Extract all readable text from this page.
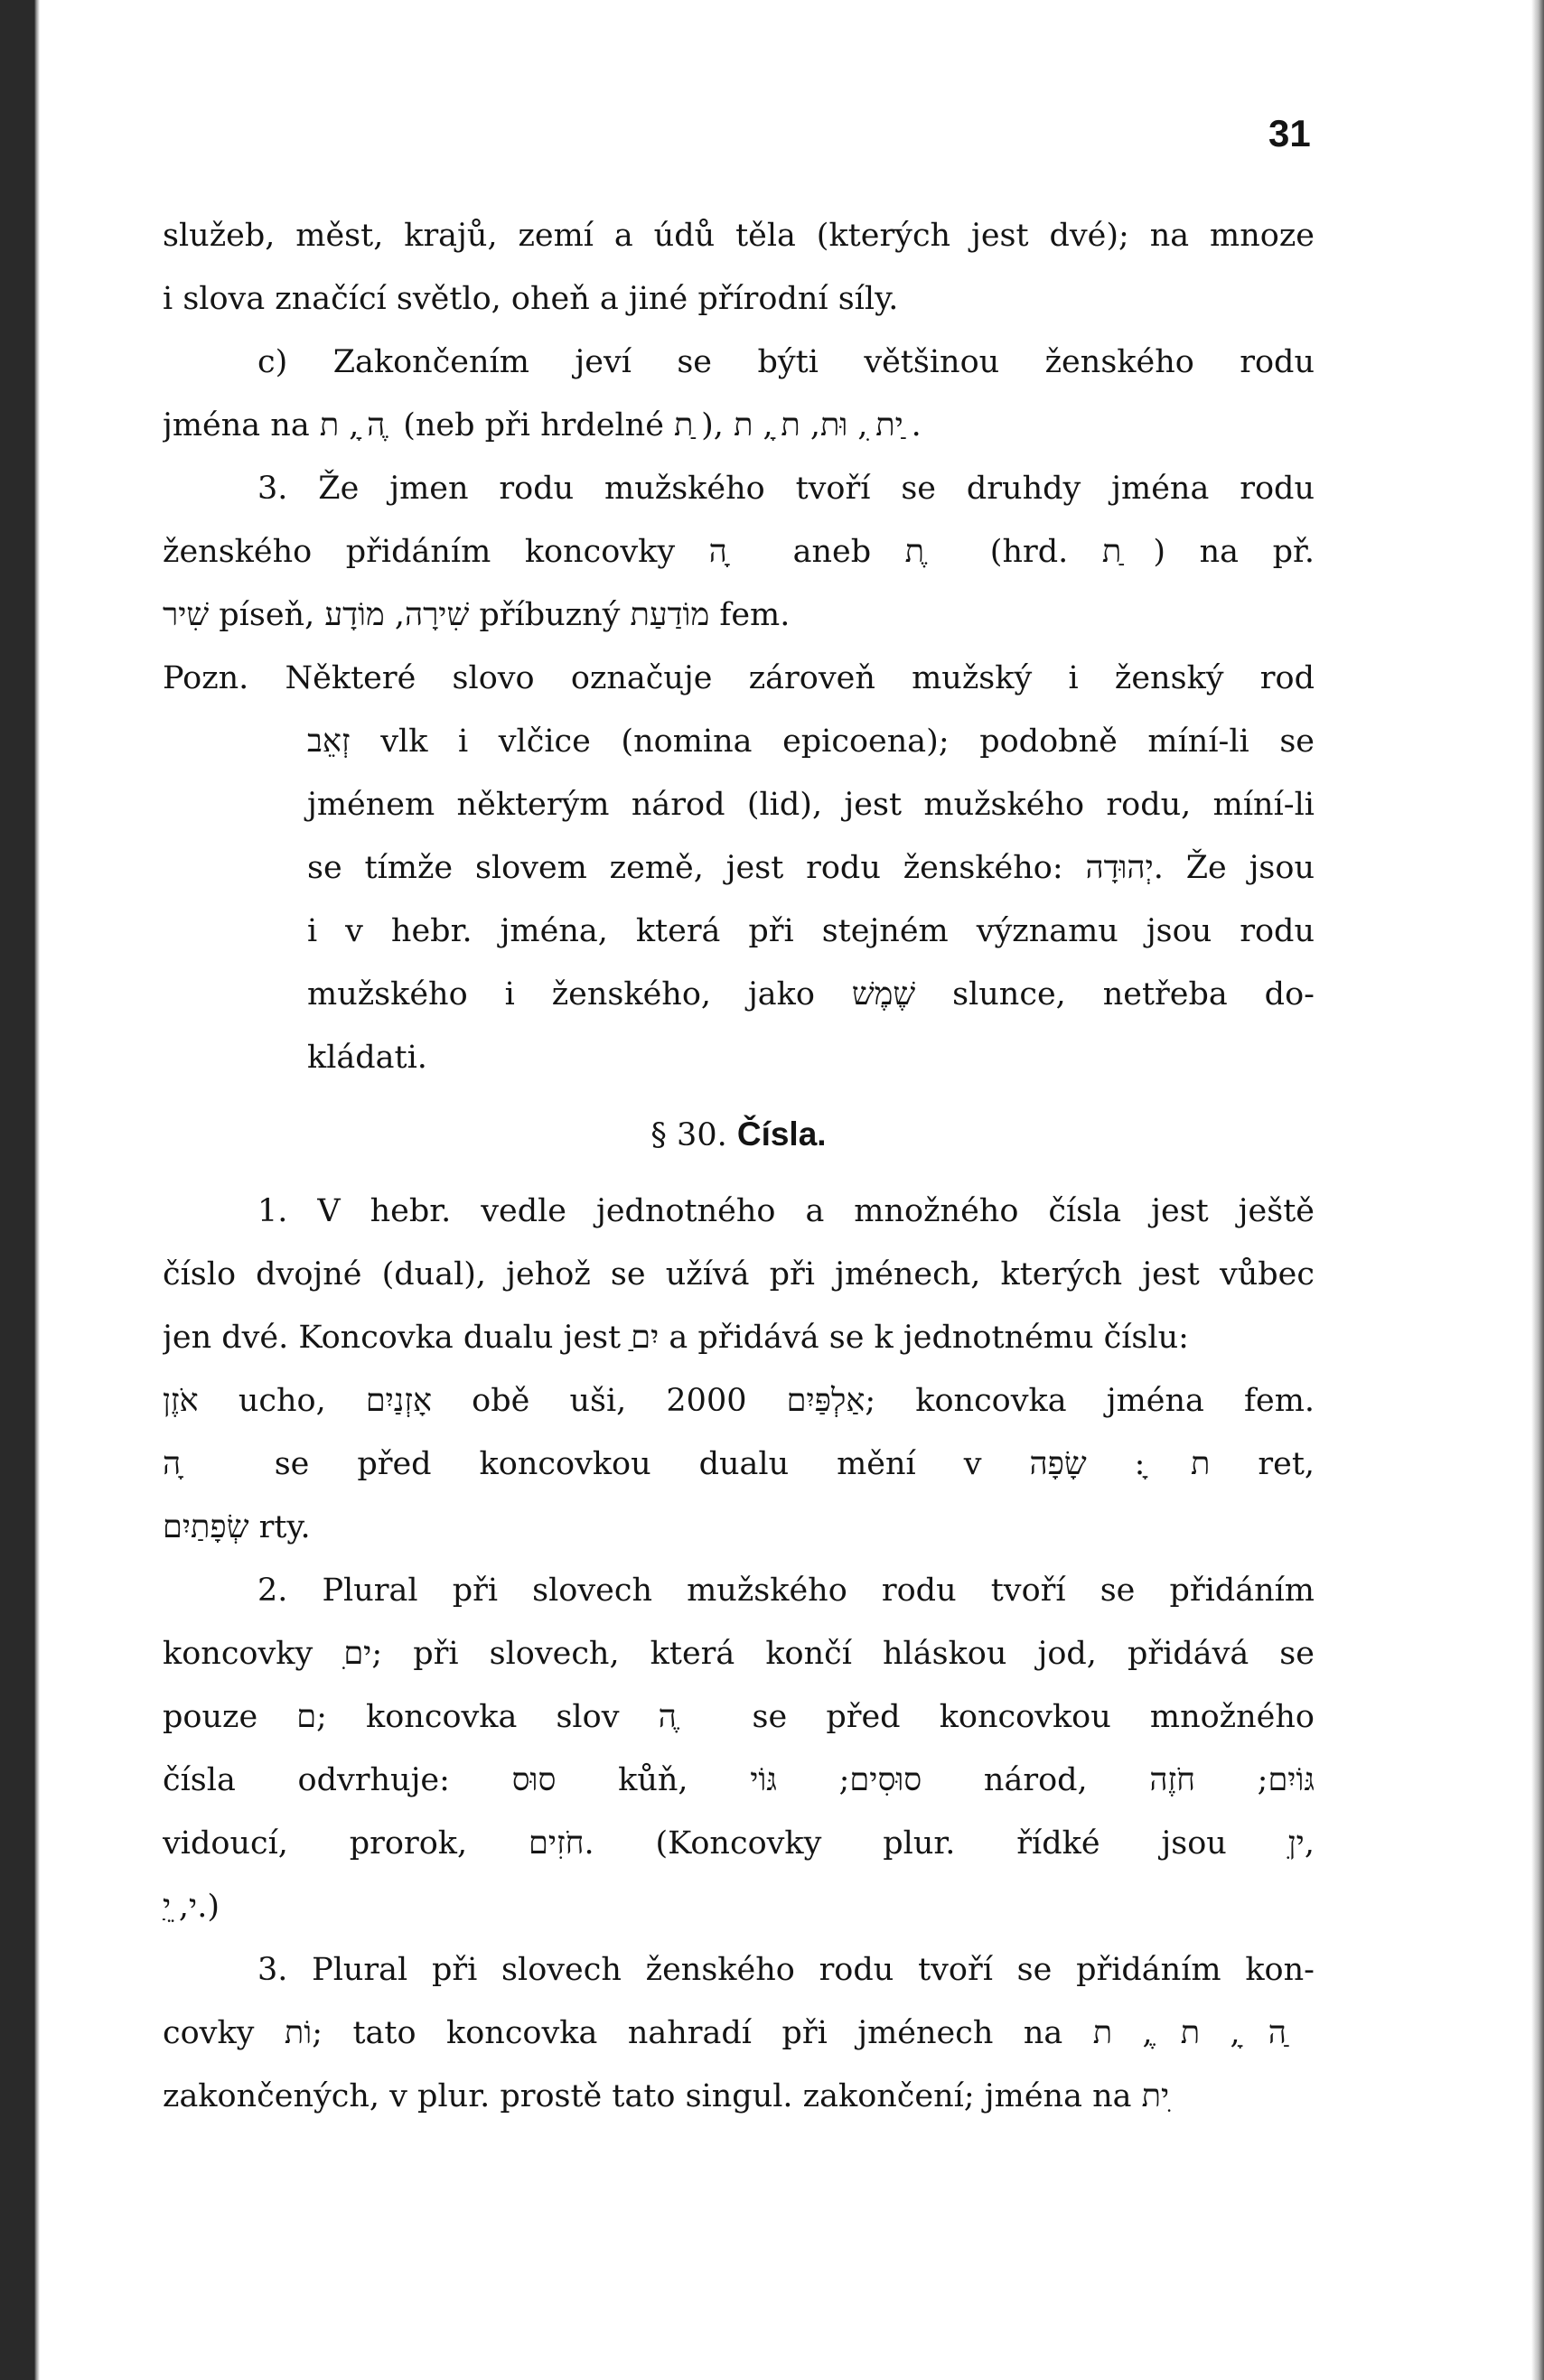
31
služeb, měst, krajů, zemí a údů těla (kterých jest dvé); na mnoze
i slova značící světlo, oheň a jiné přírodní síly.
c) Zakončením jeví se býti většinou ženského rodu
jména na ה ָ, ת ֶ (neb při hrdelné ת ַ), ית ִ, וּת, ת ָ, ת ַ.
3. Že jmen rodu mužského tvoří se druhdy jména rodu
ženského přidáním koncovky ה ָ aneb ת ֶ (hrd. ת ַ) na př.
שִׁיר píseň, שִׁירָה, מוֹדָע příbuzný מוֹדַעַת fem.
Pozn. Některé slovo označuje zároveň mužský i ženský rod
זְאֵב vlk i vlčice (nomina epicoena); podobně míní-li se
jménem některým národ (lid), jest mužského rodu, míní-li
se tímže slovem země, jest rodu ženského: יְהוּדָה. Že jsou
i v hebr. jména, která při stejném významu jsou rodu
mužského i ženského, jako שֶׁמֶשׁ slunce, netřeba do-
kládati.
§ 30. Čísla.
1. V hebr. vedle jednotného a množného čísla jest ještě
číslo dvojné (dual), jehož se užívá při jménech, kterých jest vůbec
jen dvé. Koncovka dualu jest ַיִם a přidává se k jednotnému číslu:
אֹזֶן ucho, אָזְנַיִם obě uši, אַלְפַּיִם 2000; koncovka jména fem.
ה ָ se před koncovkou dualu mění v ת ָ: שָׂפָה ret,
שְׂפָתַיִם rty.
2. Plural při slovech mužského rodu tvoří se přidáním
koncovky ִים; při slovech, která končí hláskou jod, přidává se
pouze ם; koncovka slov ה ֶ se před koncovkou množného
čísla odvrhuje: סוּס kůň, סוּסִים; גּוֹי národ, גּוֹיִם; חֹזֶה
vidoucí, prorok, חֹזִים. (Koncovky plur. řídké jsou ִין,
ַי, ֵי.)
3. Plural při slovech ženského rodu tvoří se přidáním kon-
covky וֹת; tato koncovka nahradí při jménech na ה ָ, ת ֶ, ת ַ
zakončených, v plur. prostě tato singul. zakončení; jména na ית ִ
